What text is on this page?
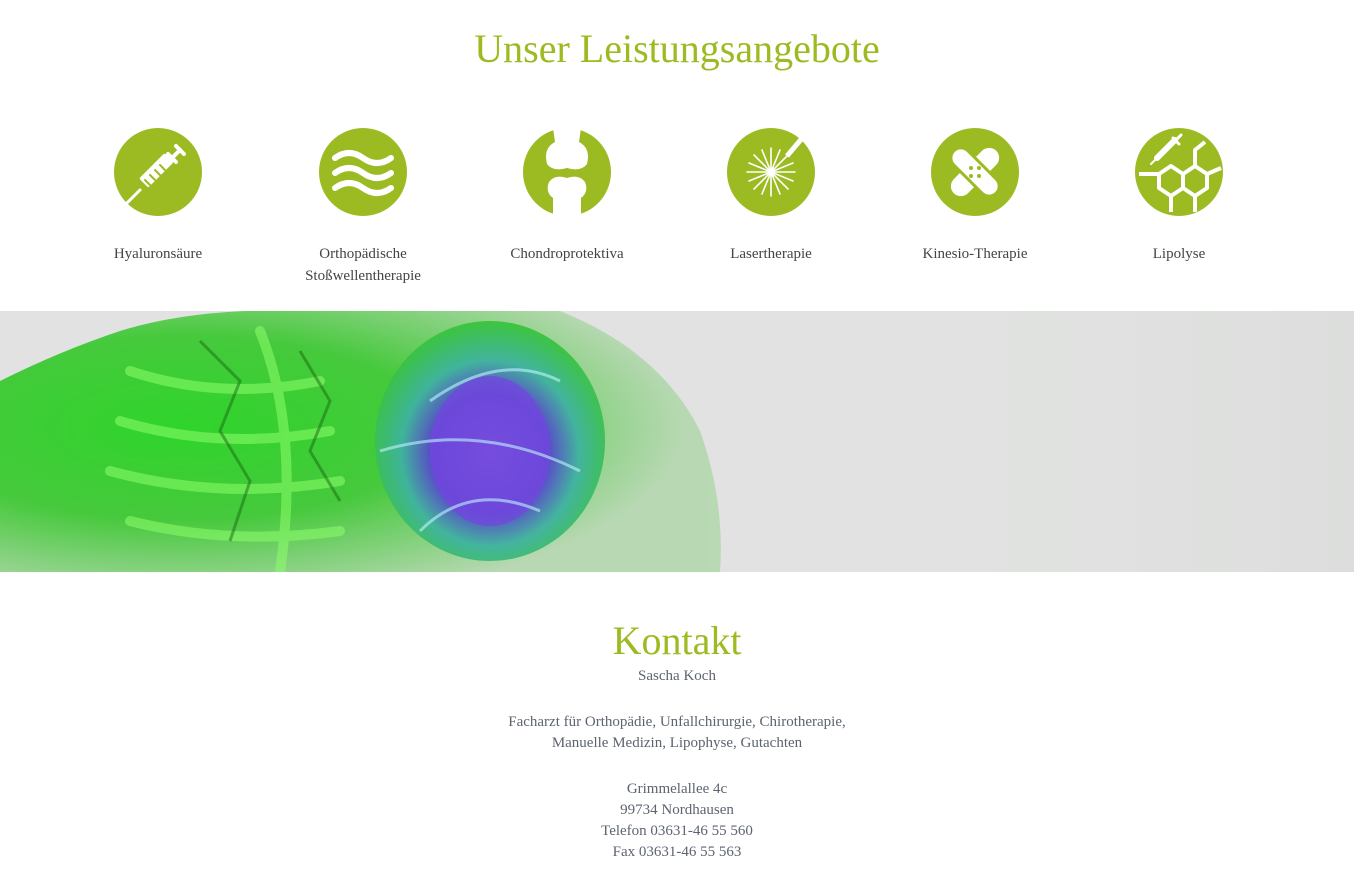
Unser Leistungsangebote
Hyaluronsäure	Orthopädische
Stoßwellentherapie
Chondroprotektiva	Lasertherapie	Kinesio-Therapie	Lipolyse
Kontakt

Sascha Koch

Facharzt für Orthopädie, Unfallchirurgie, Chirotherapie,

Manuelle Medizin, Lipophyse, Gutachten

Grimmelallee 4c

99734 Nordhausen

Telefon 03631-46 55 560

Fax 03631-46 55 563
